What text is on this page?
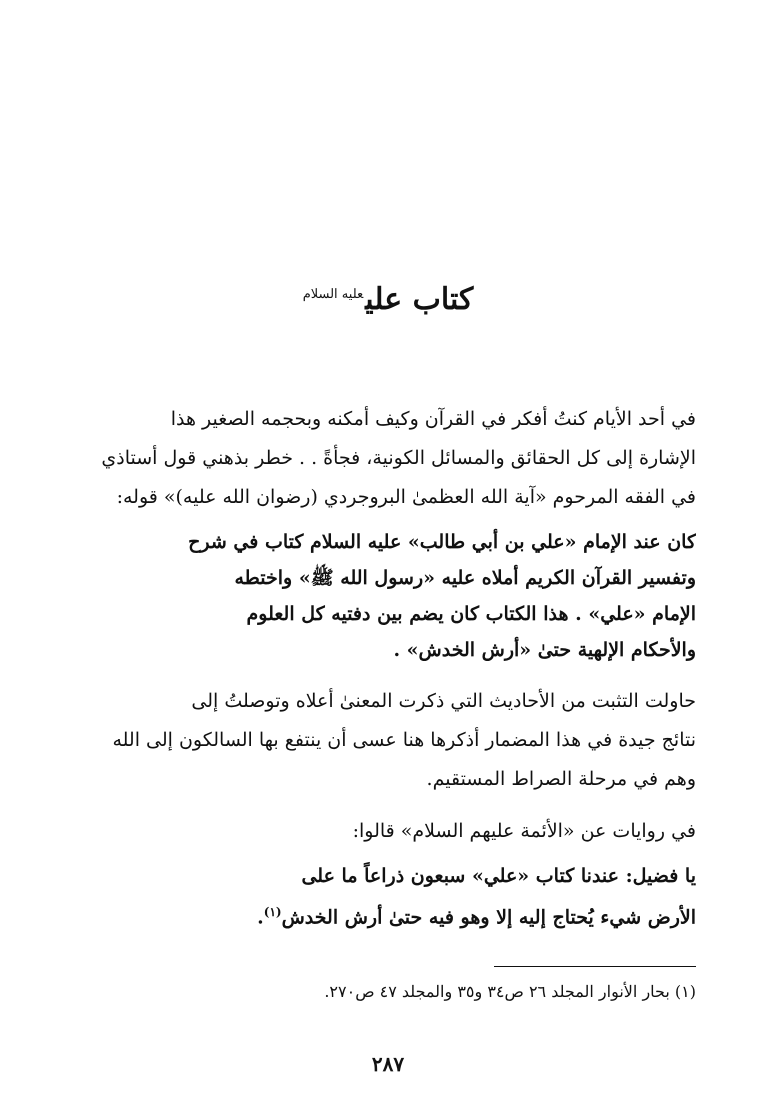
كتاب علي$^{عليه السلام}$

في أحد الأيام كنتُ أفكر في القرآن وكيف أمكنه وبحجمه الصغير هذا
الإشارة إلى كل الحقائق والمسائل الكونية، فجأةً . . خطر بذهني قول أستاذي
في الفقه المرحوم «آية الله العظمىٰ البروجردي (رضوان الله عليه)» قوله:

كان عند الإمام «علي بن أبي طالب» عليه السلام كتاب في شرح
وتفسير القرآن الكريم أملاه عليه «رسول الله ﷺ» واختطه
الإمام «علي» . هذا الكتاب كان يضم بين دفتيه كل العلوم
والأحكام الإلهية حتىٰ «أرش الخدش» .

حاولت التثبت من الأحاديث التي ذكرت المعنىٰ أعلاه وتوصلتُ إلى
نتائج جيدة في هذا المضمار أذكرها هنا عسى أن ينتفع بها السالكون إلى الله
وهم في مرحلة الصراط المستقيم.

في روايات عن «الأئمة عليهم السلام» قالوا:

يا فضيل: عندنا كتاب «علي» سبعون ذراعاً ما على
الأرض شيء يُحتاج إليه إلا وهو فيه حتىٰ أرش الخدش$^{(١)}$.

(١) بحار الأنوار المجلد ٢٦ ص٣٤ و٣٥ والمجلد ٤٧ ص٢٧٠.

٢٨٧
